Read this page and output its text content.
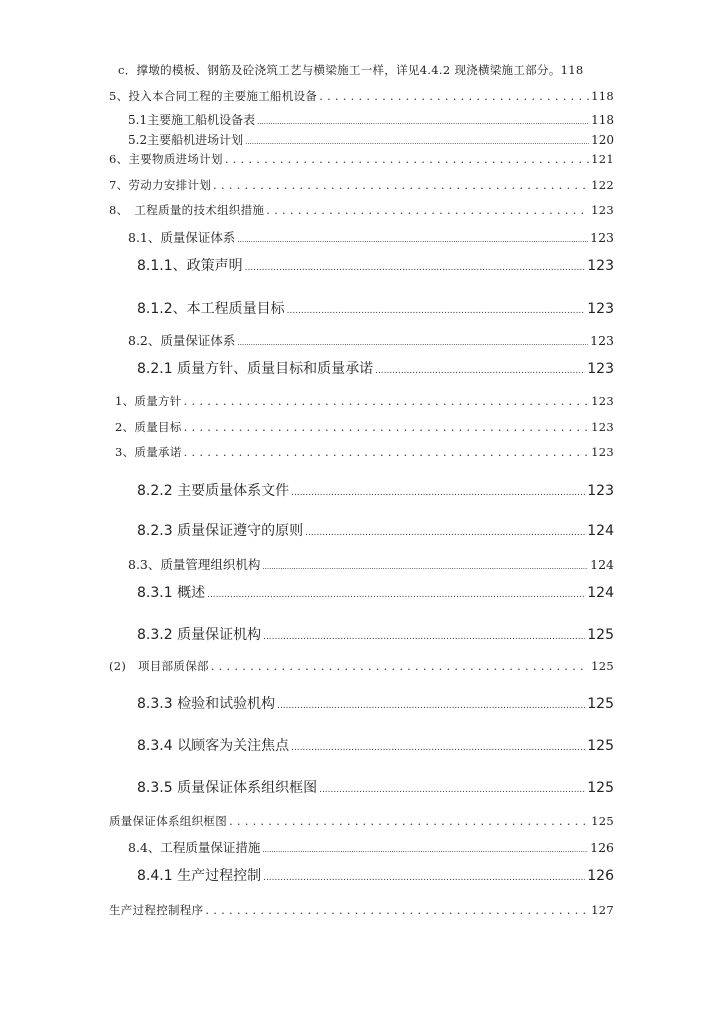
c．撑墩的模板、钢筋及砼浇筑工艺与横梁施工一样，详见4.4.2 现浇横梁施工部分。 118
5、投入本合同工程的主要施工船机设备 .....	118
5.1主要施工船机设备表 .....	118
5.2主要船机进场计划 .....	120
6、主要物质进场计划 .....	121
7、劳动力安排计划 .....	122
8、　工程质量的技术组织措施 .....	123
8.1、质量保证体系 .....	123
8.1.1、政策声明 .....	123
8.1.2、本工程质量目标 .....	123
8.2、质量保证体系 .....	123
8.2.1 质量方针、质量目标和质量承诺 .....	123
1、质量方针 .....	123
2、质量目标 .....	123
3、质量承诺 .....	123
8.2.2 主要质量体系文件 .....	123
8.2.3 质量保证遵守的原则 .....	124
8.3、质量管理组织机构 .....	124
8.3.1 概述 .....	124
8.3.2 质量保证机构 .....	125
(2)　项目部质保部 .....	125
8.3.3 检验和试验机构 .....	125
8.3.4 以顾客为关注焦点 .....	125
8.3.5 质量保证体系组织框图 .....	125
质量保证体系组织框图 .....	125
8.4、工程质量保证措施 .....	126
8.4.1 生产过程控制 .....	126
生产过程控制程序 .....	127
